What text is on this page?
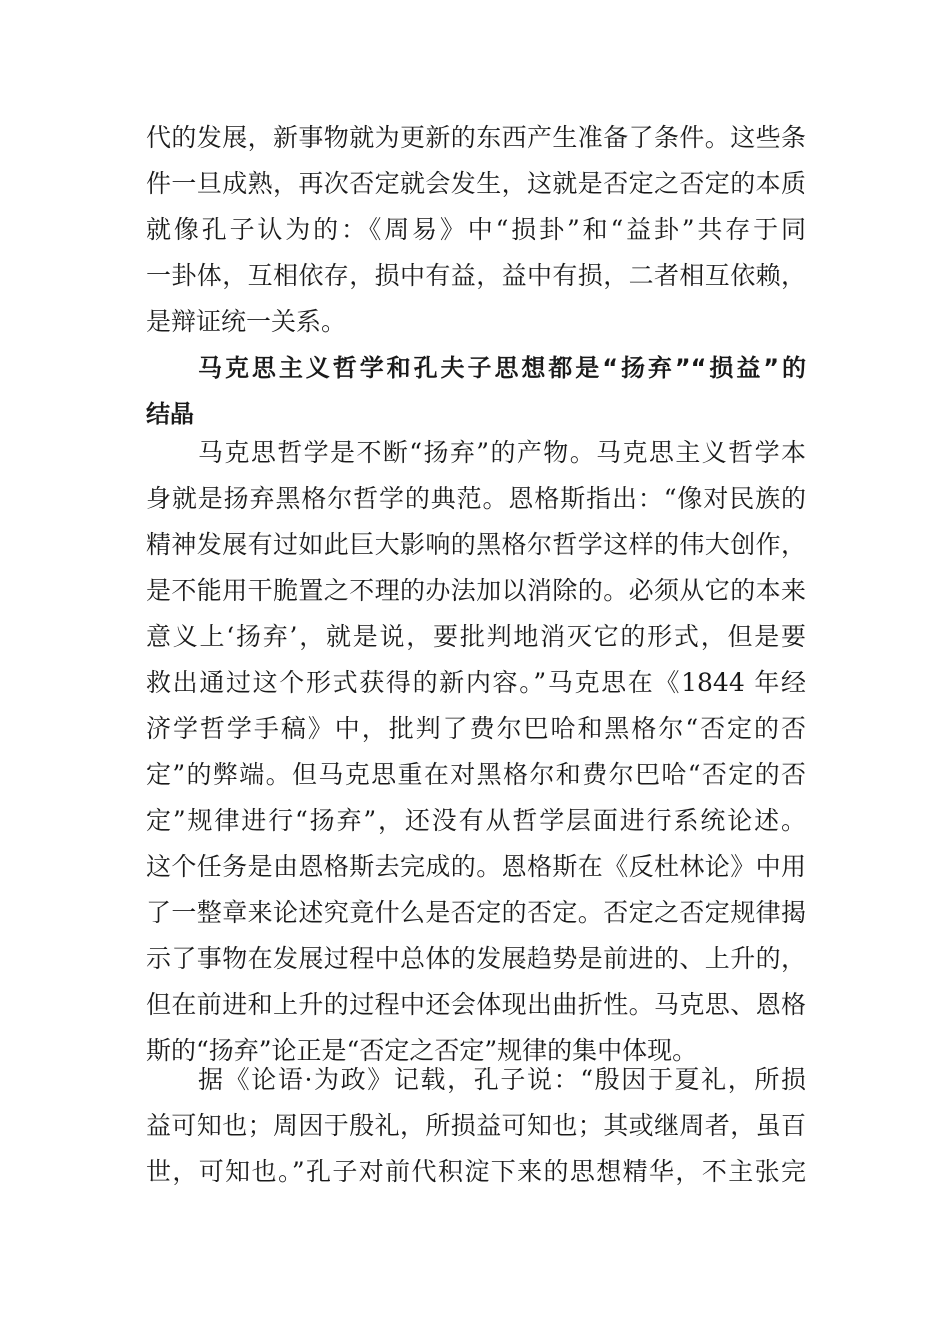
代的发展，新事物就为更新的东西产生准备了条件。这些条
件一旦成熟，再次否定就会发生，这就是否定之否定的本质
就像孔子认为的：《周易》中“损卦”和“益卦”共存于同
一卦体，互相依存，损中有益，益中有损，二者相互依赖，
是辩证统一关系。
马克思主义哲学和孔夫子思想都是“扬弃”“损益”的
结晶
马克思哲学是不断“扬弃”的产物。马克思主义哲学本
身就是扬弃黑格尔哲学的典范。恩格斯指出：“像对民族的
精神发展有过如此巨大影响的黑格尔哲学这样的伟大创作，
是不能用干脆置之不理的办法加以消除的。必须从它的本来
意义上‘扬弃’，就是说，要批判地消灭它的形式，但是要
救出通过这个形式获得的新内容。”马克思在《1844 年经
济学哲学手稿》中，批判了费尔巴哈和黑格尔“否定的否
定”的弊端。但马克思重在对黑格尔和费尔巴哈“否定的否
定”规律进行“扬弃”，还没有从哲学层面进行系统论述。
这个任务是由恩格斯去完成的。恩格斯在《反杜林论》中用
了一整章来论述究竟什么是否定的否定。否定之否定规律揭
示了事物在发展过程中总体的发展趋势是前进的、上升的，
但在前进和上升的过程中还会体现出曲折性。马克思、恩格
斯的“扬弃”论正是“否定之否定”规律的集中体现。
据《论语·为政》记载，孔子说：“殷因于夏礼，所损
益可知也；周因于殷礼，所损益可知也；其或继周者，虽百
世，可知也。”孔子对前代积淀下来的思想精华，不主张完
